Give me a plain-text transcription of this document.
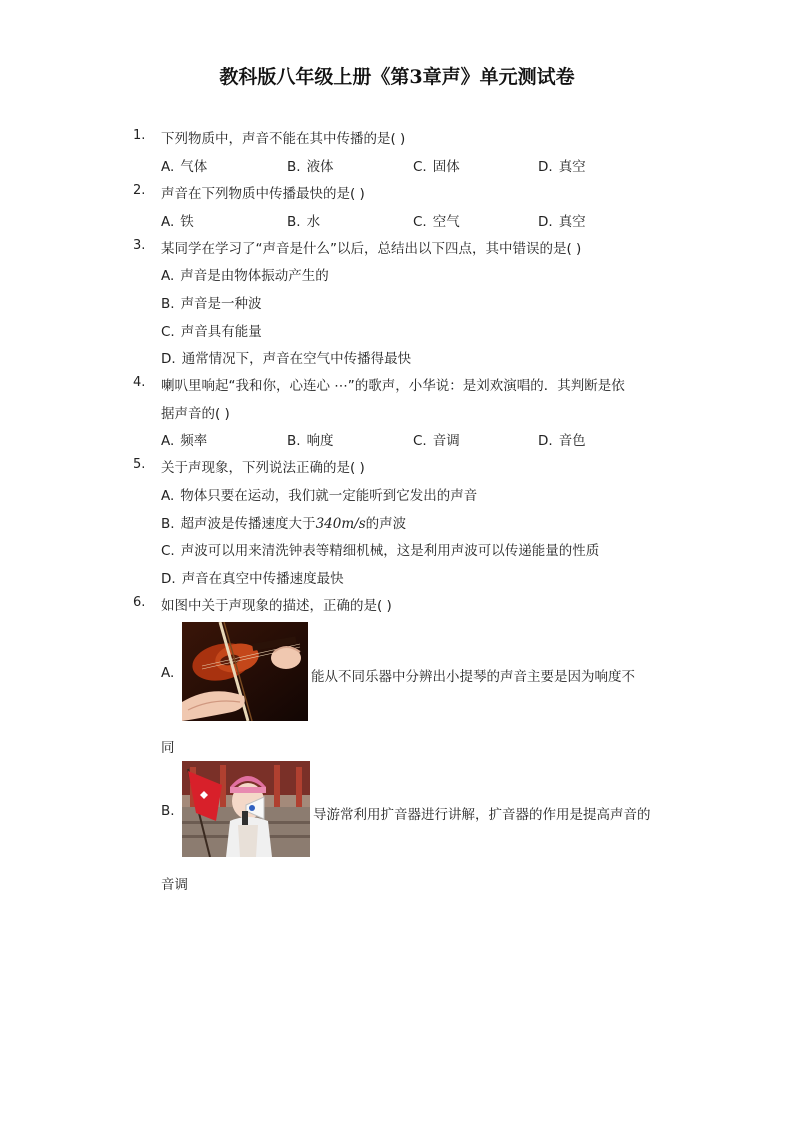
教科版八年级上册《第3章声》单元测试卷
1. 下列物质中，声音不能在其中传播的是( )
A. 气体	B. 液体	C. 固体	D. 真空
2. 声音在下列物质中传播最快的是( )
A. 铁	B. 水	C. 空气	D. 真空
3. 某同学在学习了“声音是什么”以后，总结出以下四点，其中错误的是( )
A. 声音是由物体振动产生的
B. 声音是一种波
C. 声音具有能量
D. 通常情况下，声音在空气中传播得最快
4. 喇叭里响起“我和你，心连心 ⋯”的歌声，小华说：是刘欢演唱的．其判断是依
据声音的( )
A. 频率	B. 响度	C. 音调	D. 音色
5. 关于声现象，下列说法正确的是( )
A. 物体只要在运动，我们就一定能听到它发出的声音
B. 超声波是传播速度大于340m/s的声波
C. 声波可以用来清洗钟表等精细机械，这是利用声波可以传递能量的性质
D. 声音在真空中传播速度最快
6. 如图中关于声现象的描述，正确的是( )
A.	能从不同乐器中分辨出小提琴的声音主要是因为响度不
同
B.	导游常利用扩音器进行讲解，扩音器的作用是提高声音的
音调
